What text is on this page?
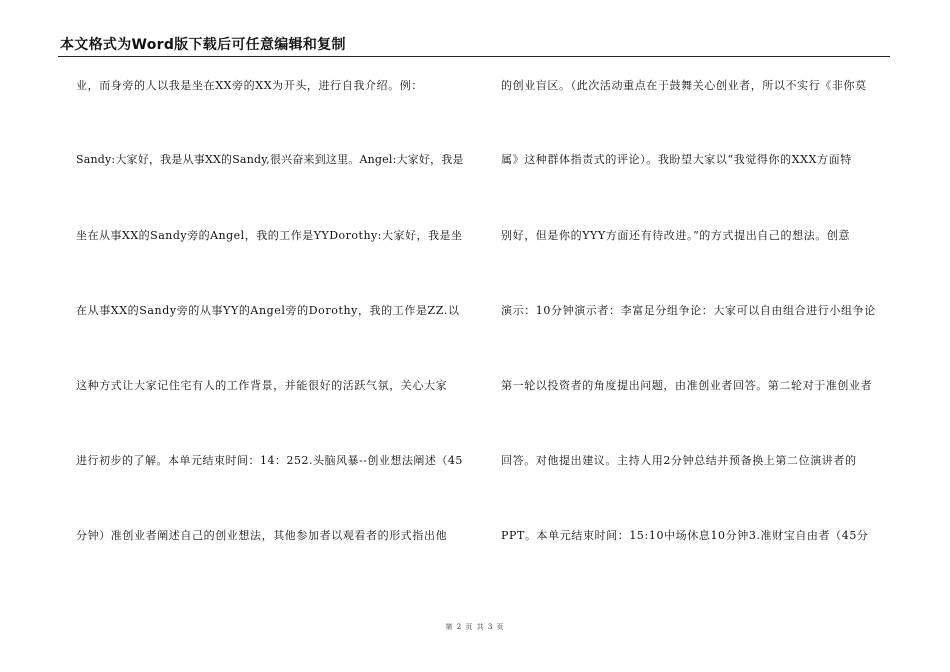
本文格式为Word版下载后可任意编辑和复制
业，而身旁的人以我是坐在XX旁的XX为开头，进行自我介绍。例：
Sandy:大家好，我是从事XX的Sandy,很兴奋来到这里。Angel:大家好，我是
坐在从事XX的Sandy旁的Angel，我的工作是YYDorothy:大家好，我是坐
在从事XX的Sandy旁的从事YY的Angel旁的Dorothy，我的工作是ZZ.以
这种方式让大家记住宅有人的工作背景，并能很好的活跃气氛，关心大家
进行初步的了解。本单元结束时间：14：252.头脑风暴--创业想法阐述（45
分钟）准创业者阐述自己的创业想法，其他参加者以观看者的形式指出他
的创业盲区。（此次活动重点在于鼓舞关心创业者，所以不实行《非你莫
属》这种群体指责式的评论）。我盼望大家以“我觉得你的XXX方面特
别好，但是你的YYY方面还有待改进。”的方式提出自己的想法。创意
演示：10分钟演示者：李富足分组争论：大家可以自由组合进行小组争论
第一轮以投资者的角度提出问题，由准创业者回答。第二轮对于准创业者
回答。对他提出建议。主持人用2分钟总结并预备换上第二位演讲者的
PPT。本单元结束时间：15:10中场休息10分钟3.准财宝自由者（45分
第 2 页 共 3 页
